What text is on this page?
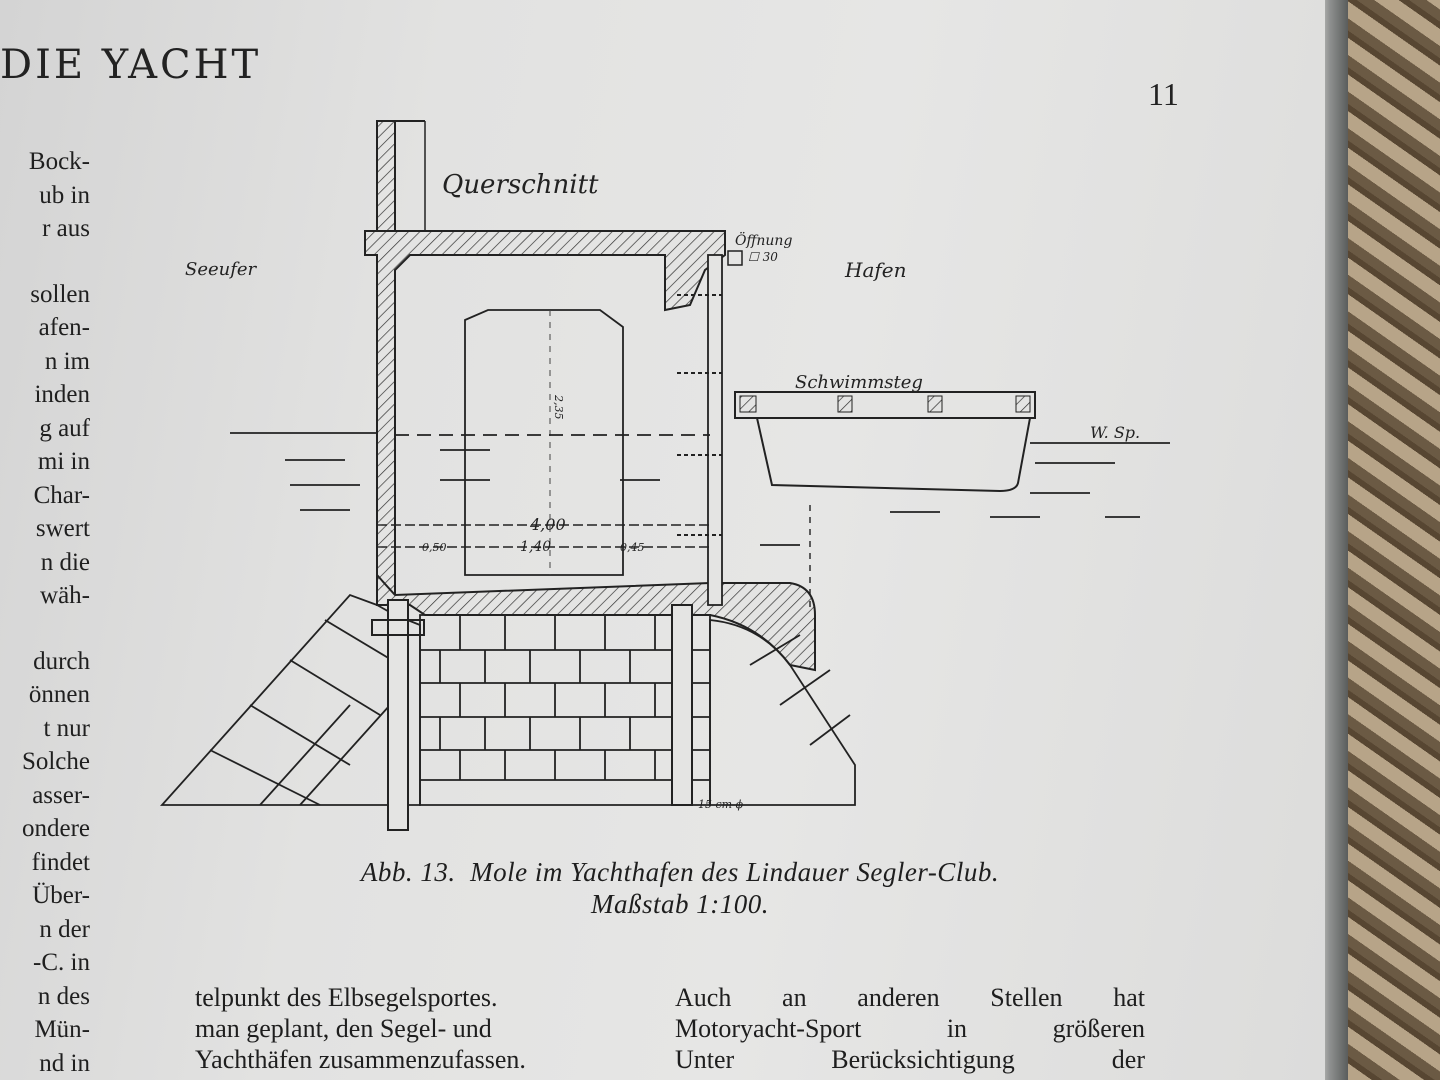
DIE YACHT
11
Bock-
ub in
r aus
sollen
afen-
n im
inden
g auf
mi in
Char-
swert
n die
wäh-
durch
önnen
t nur
Solche
asser-
ondere
findet
Über-
n der
-C. in
n des
Mün-
nd in
Querschnitt
Seeufer	Hafen
Öffnung
☐ 30
Schwimmsteg
W. Sp.
2,35
4,00
0,50	1,40	0,45
15 cm ϕ
Abb. 13.  Mole im Yachthafen des Lindauer Segler-Club.
Maßstab 1:100.
telpunkt des Elbsegelsportes.	Auch an anderen Stellen hat
man geplant, den Segel- und	Motoryacht-Sport in größeren
Yachthäfen zusammenzufassen.	Unter Berücksichtigung der
